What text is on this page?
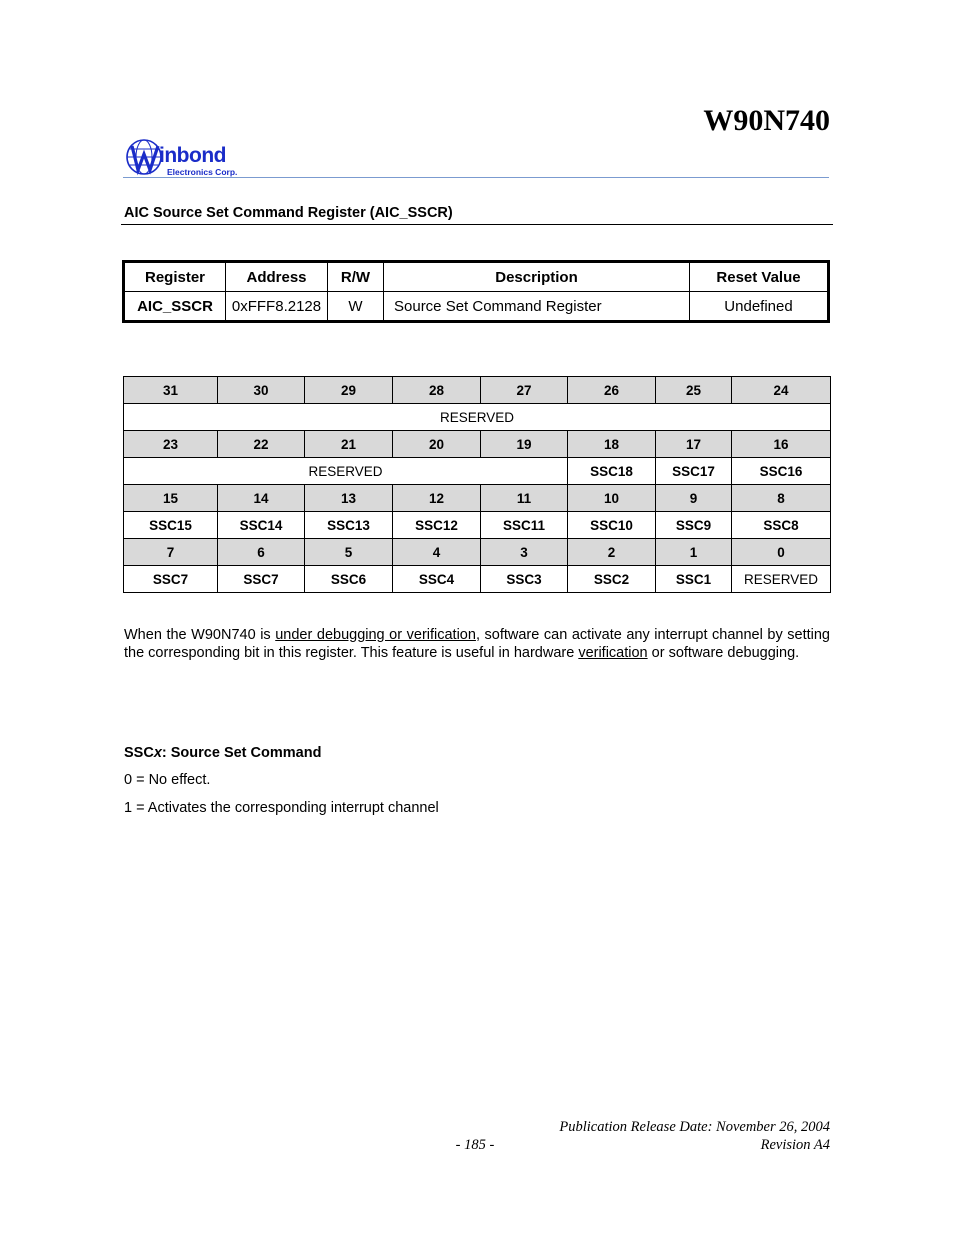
W90N740
inbond
Electronics Corp.
AIC Source Set Command Register (AIC_SSCR)
Register	Address	R/W	Description	Reset Value
AIC_SSCR	0xFFF8.2128	W	Source Set Command Register	Undefined
31	30	29	28	27	26	25	24
RESERVED							
23	22	21	20	19	18	17	16
RESERVED					SSC18	SSC17	SSC16
15	14	13	12	11	10	9	8
SSC15	SSC14	SSC13	SSC12	SSC11	SSC10	SSC9	SSC8
7	6	5	4	3	2	1	0
SSC7	SSC7	SSC6	SSC4	SSC3	SSC2	SSC1	RESERVED
When the W90N740 is under debugging or verification, software can activate any interrupt channel by setting the corresponding bit in this register. This feature is useful in hardware verification or software debugging.
SSCx: Source Set Command
0 = No effect.
1 = Activates the corresponding interrupt channel
Publication Release Date: November 26, 2004
- 185 -	Revision A4
